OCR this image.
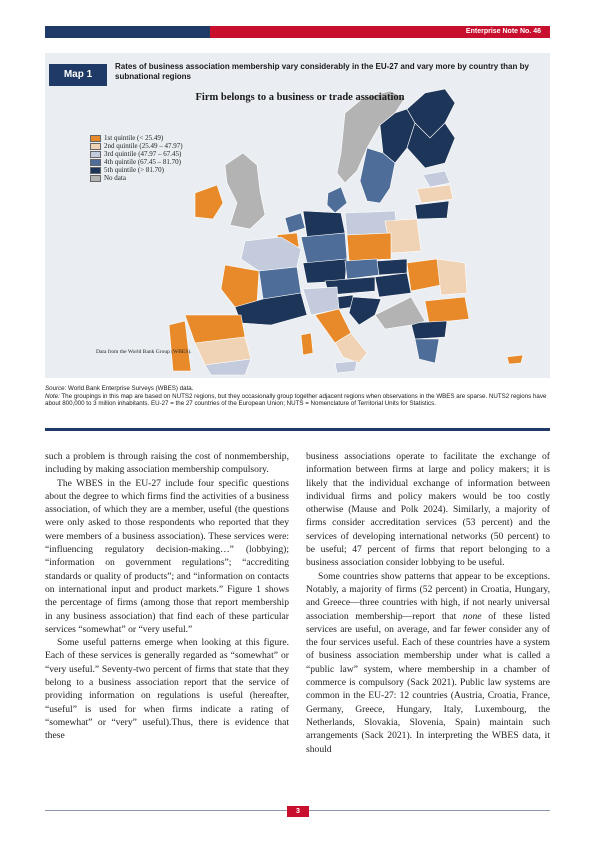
Enterprise Note No. 46
Map 1
Rates of business association membership vary considerably in the EU-27 and vary more by country than by subnational regions
Firm belongs to a business or trade association
1st quintile (< 25.49)
2nd quintile (25.49 – 47.97)
3rd quintile (47.97 – 67.45)
4th quintile (67.45 – 81.70)
5th quintile (> 81.70)
No data
Data from the World Bank Group (WBES).

Source: World Bank Enterprise Surveys (WBES) data.

Note: The groupings in this map are based on NUTS2 regions, but they occasionally group together adjacent regions when observations in the WBES are sparse. NUTS2 regions have about 800,000 to 3 million inhabitants. EU-27 = the 27 countries of the European Union; NUTS = Nomenclature of Territorial Units for Statistics.

such a problem is through raising the cost of nonmembership, including by making association membership compulsory.

The WBES in the EU-27 include four specific questions about the degree to which firms find the activities of a business association, of which they are a member, useful (the questions were only asked to those respondents who reported that they were members of a business association). These services were: “influencing regulatory decision-making…” (lobbying); “information on government regulations”; “accrediting standards or quality of products”; and “information on contacts on international input and product markets.” Figure 1 shows the percentage of firms (among those that report membership in any business association) that find each of these particular services “somewhat” or “very useful.”

Some useful patterns emerge when looking at this figure. Each of these services is generally regarded as “somewhat” or “very useful.” Seventy-two percent of firms that state that they belong to a business association report that the service of providing information on regulations is useful (hereafter, “useful” is used for when firms indicate a rating of “somewhat” or “very” useful).Thus, there is evidence that these

business associations operate to facilitate the exchange of information between firms at large and policy makers; it is likely that the individual exchange of information between individual firms and policy makers would be too costly otherwise (Mause and Polk 2024). Similarly, a majority of firms consider accreditation services (53 percent) and the services of developing international networks (50 percent) to be useful; 47 percent of firms that report belonging to a business association consider lobbying to be useful.

Some countries show patterns that appear to be exceptions. Notably, a majority of firms (52 percent) in Croatia, Hungary, and Greece—three countries with high, if not nearly universal association membership—report that none of these listed services are useful, on average, and far fewer consider any of the four services useful. Each of these countries have a system of business association membership under what is called a “public law” system, where membership in a chamber of commerce is compulsory (Sack 2021). Public law systems are common in the EU-27: 12 countries (Austria, Croatia, France, Germany, Greece, Hungary, Italy, Luxembourg, the Netherlands, Slovakia, Slovenia, Spain) maintain such arrangements (Sack 2021). In interpreting the WBES data, it should

3
